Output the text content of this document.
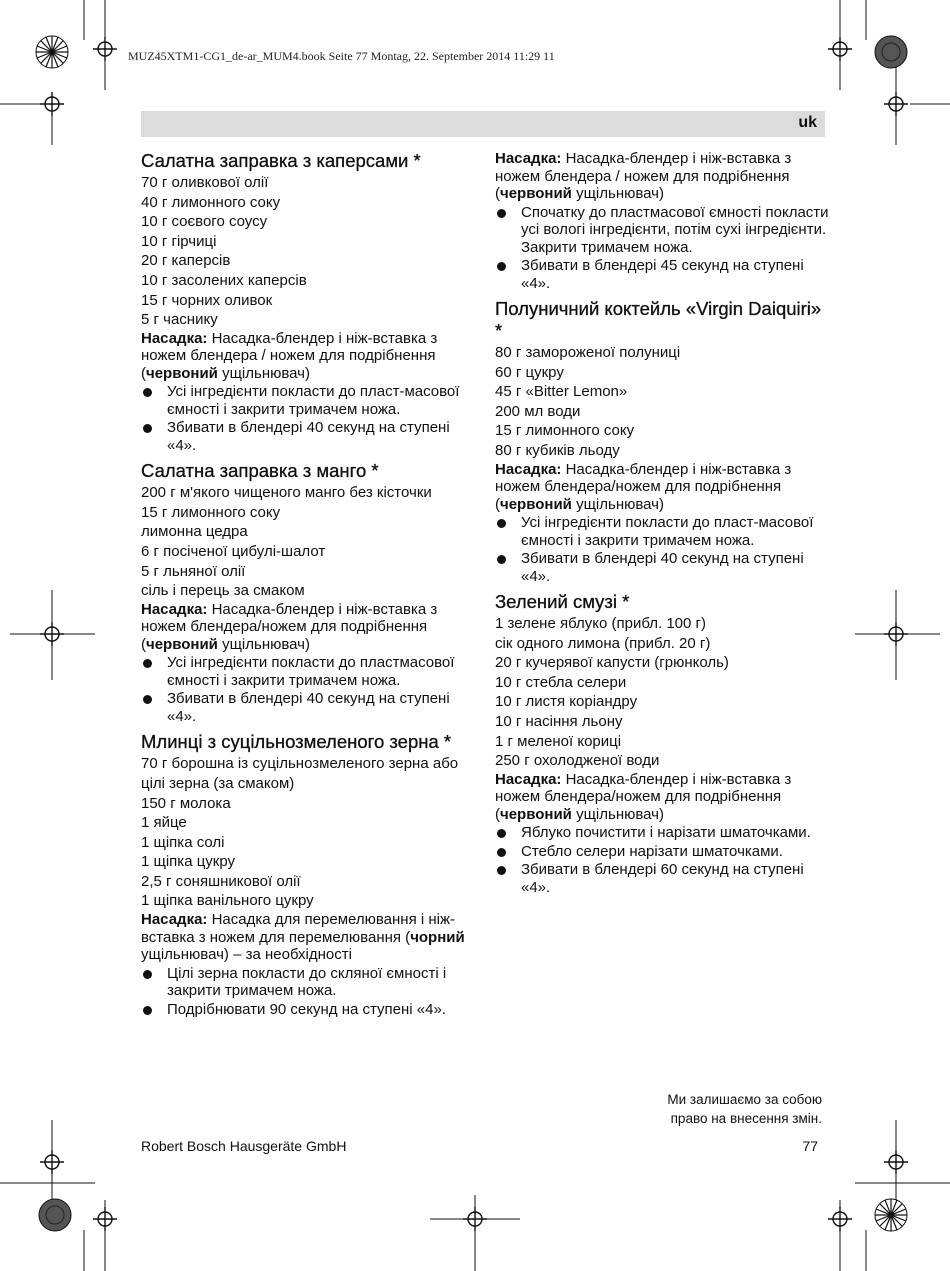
MUZ45XTM1-CG1_de-ar_MUM4.book Seite 77 Montag, 22. September 2014 11:29 11
uk
Салатна заправка з каперсами *
70 г оливкової олії
40 г лимонного соку
10 г соєвого соусу
10 г гірчиці
20 г каперсів
10 г засолених каперсів
15 г чорних оливок
5 г часнику

Насадка: Насадка-блендер і ніж-вставка з ножем блендера / ножем для подрібнення (червоний ущільнювач)

Усі інгредієнти покласти до пласт-масової ємності і закрити тримачем ножа.
Збивати в блендері 40 секунд на ступені «4».
Салатна заправка з манго *
200 г м'якого чищеного манго без кісточки
15 г лимонного соку
лимонна цедра
6 г посіченої цибулі-шалот
5 г льняної олії
сіль і перець за смаком

Насадка: Насадка-блендер і ніж-вставка з ножем блендера/ножем для подрібнення (червоний ущільнювач)

Усі інгредієнти покласти до пластмасової ємності і закрити тримачем ножа.
Збивати в блендері 40 секунд на ступені «4».
Млинці з суцільнозмеленого зерна *
70 г борошна із суцільнозмеленого зерна або цілі зерна (за смаком)
150 г молока
1 яйце
1 щіпка солі
1 щіпка цукру
2,5 г соняшникової олії
1 щіпка ванільного цукру

Насадка: Насадка для перемелювання і ніж-вставка з ножем для перемелювання (чорний ущільнювач) – за необхідності

Цілі зерна покласти до скляної ємності і закрити тримачем ножа.
Подрібнювати 90 секунд на ступені «4».

Насадка: Насадка-блендер і ніж-вставка з ножем блендера / ножем для подрібнення (червоний ущільнювач)

Спочатку до пластмасової ємності покласти усі вологі інгредієнти, потім сухі інгредієнти. Закрити тримачем ножа.
Збивати в блендері 45 секунд на ступені «4».
Полуничний коктейль «Virgin Daiquiri» *
80 г замороженої полуниці
60 г цукру
45 г «Bitter Lemon»
200 мл води
15 г лимонного соку
80 г кубиків льоду

Насадка: Насадка-блендер і ніж-вставка з ножем блендера/ножем для подрібнення (червоний ущільнювач)

Усі інгредієнти покласти до пласт-масової ємності і закрити тримачем ножа.
Збивати в блендері 40 секунд на ступені «4».
Зелений смузі *
1 зелене яблуко (прибл. 100 г)
сік одного лимона (прибл. 20 г)
20 г кучерявої капусти (грюнколь)
10 г стебла селери
10 г листя коріандру
10 г насіння льону
1 г меленої кориці
250 г охолодженої води

Насадка: Насадка-блендер і ніж-вставка з ножем блендера/ножем для подрібнення (червоний ущільнювач)

Яблуко почистити і нарізати шматочками.
Стебло селери нарізати шматочками.
Збивати в блендері 60 секунд на ступені «4».
Ми залишаємо за собою
право на внесення змін.
Robert Bosch Hausgeräte GmbH	77
